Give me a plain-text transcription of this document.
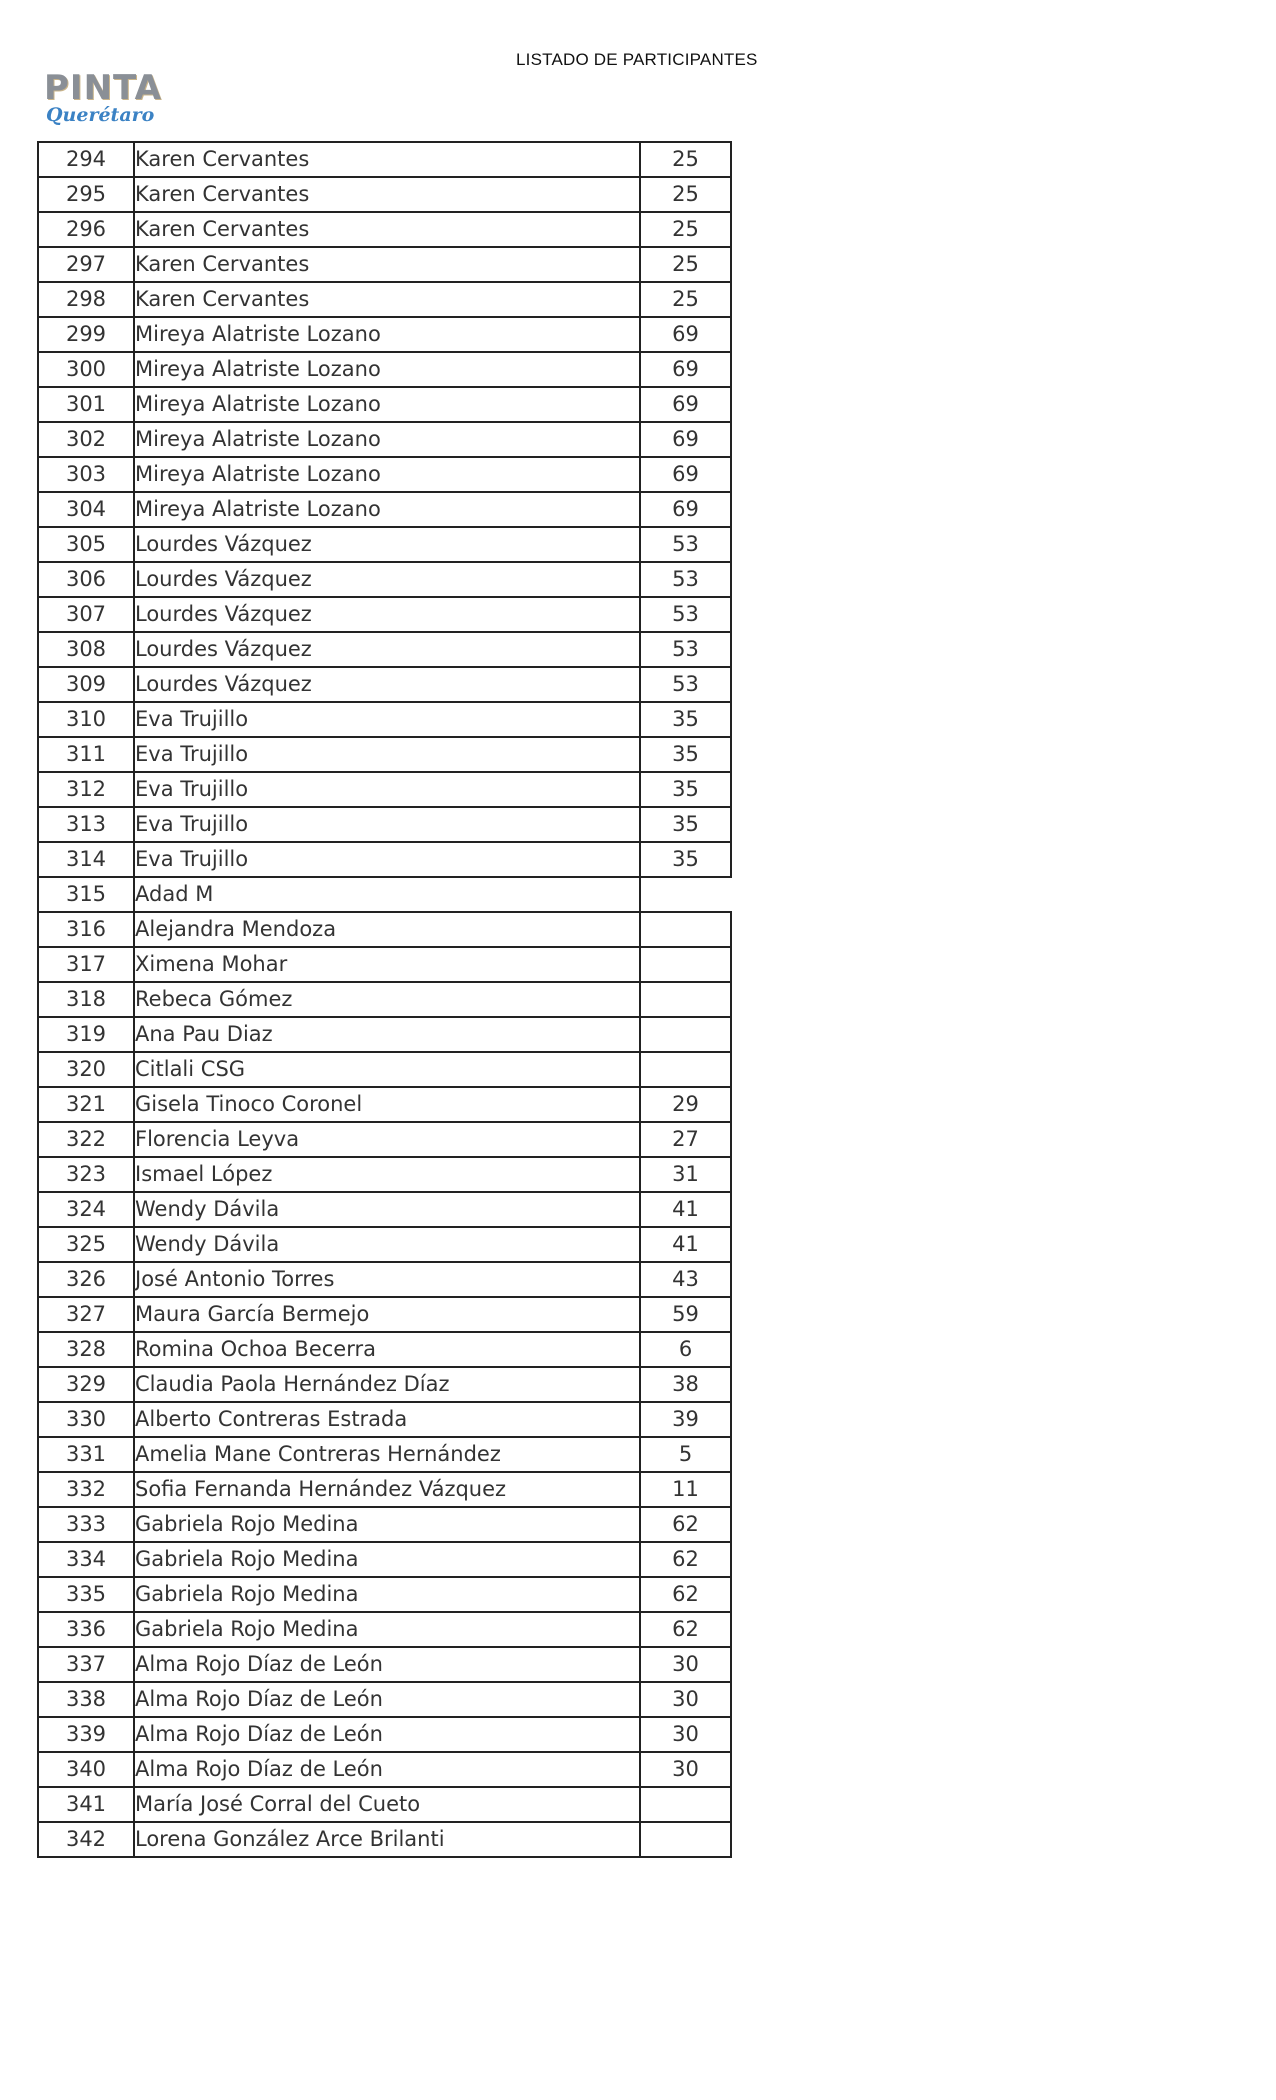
PINTA
Querétaro
LISTADO DE PARTICIPANTES
294	Karen Cervantes	25
295	Karen Cervantes	25
296	Karen Cervantes	25
297	Karen Cervantes	25
298	Karen Cervantes	25
299	Mireya Alatriste Lozano	69
300	Mireya Alatriste Lozano	69
301	Mireya Alatriste Lozano	69
302	Mireya Alatriste Lozano	69
303	Mireya Alatriste Lozano	69
304	Mireya Alatriste Lozano	69
305	Lourdes Vázquez	53
306	Lourdes Vázquez	53
307	Lourdes Vázquez	53
308	Lourdes Vázquez	53
309	Lourdes Vázquez	53
310	Eva Trujillo	35
311	Eva Trujillo	35
312	Eva Trujillo	35
313	Eva Trujillo	35
314	Eva Trujillo	35
315	Adad M	
316	Alejandra Mendoza	
317	Ximena Mohar	
318	Rebeca Gómez	
319	Ana Pau Diaz	
320	Citlali CSG	
321	Gisela Tinoco Coronel	29
322	Florencia Leyva	27
323	Ismael López	31
324	Wendy Dávila	41
325	Wendy Dávila	41
326	José Antonio Torres	43
327	Maura García Bermejo	59
328	Romina Ochoa Becerra	6
329	Claudia Paola Hernández Díaz	38
330	Alberto Contreras Estrada	39
331	Amelia Mane Contreras Hernández	5
332	Sofia Fernanda Hernández Vázquez	11
333	Gabriela Rojo Medina	62
334	Gabriela Rojo Medina	62
335	Gabriela Rojo Medina	62
336	Gabriela Rojo Medina	62
337	Alma Rojo Díaz de León	30
338	Alma Rojo Díaz de León	30
339	Alma Rojo Díaz de León	30
340	Alma Rojo Díaz de León	30
341	María José Corral del Cueto	
342	Lorena González Arce Brilanti	
